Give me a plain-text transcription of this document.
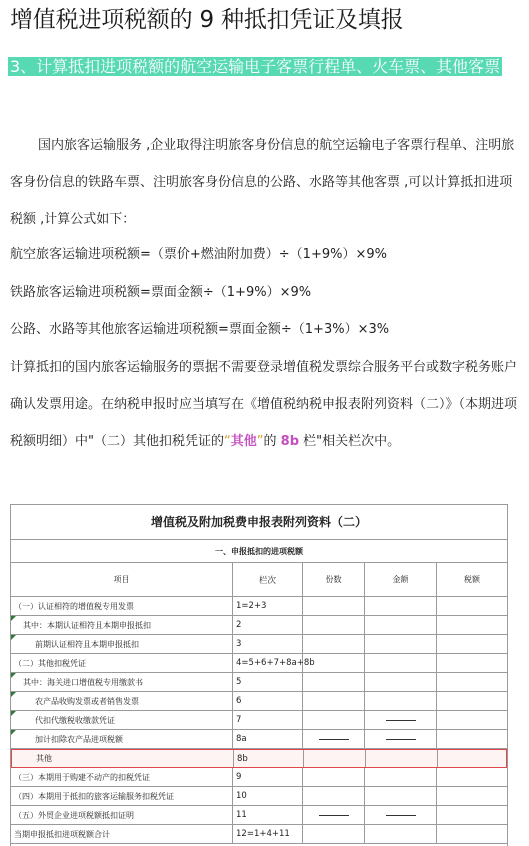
增值税进项税额的 9 种抵扣凭证及填报
3、计算抵扣进项税额的航空运输电子客票行程单、火车票、其他客票
国内旅客运输服务 ,企业取得注明旅客身份信息的航空运输电子客票行程单、注明旅客身份信息的铁路车票、注明旅客身份信息的公路、水路等其他客票 ,可以计算抵扣进项税额 ,计算公式如下：
航空旅客运输进项税额=（票价+燃油附加费）÷（1+9%）×9%
铁路旅客运输进项税额=票面金额÷（1+9%）×9%
公路、水路等其他旅客运输进项税额=票面金额÷（1+3%）×3%
计算抵扣的国内旅客运输服务的票据不需要登录增值税发票综合服务平台或数字税务账户确认发票用途。在纳税申报时应当填写在《增值税纳税申报表附列资料（二）》（本期进项税额明细）中"（二）其他扣税凭证的“其他”的 8b 栏"相关栏次中。
增值税及附加税费申报表附列资料（二）
一、申报抵扣的进项税额
项目	栏次	份数	金额	税额
（一）认证相符的增值税专用发票	1=2+3
其中：本期认证相符且本期申报抵扣	2
前期认证相符且本期申报抵扣	3
（二）其他扣税凭证	4=5+6+7+8a+8b
其中：海关进口增值税专用缴款书	5
农产品收购发票或者销售发票	6
代扣代缴税收缴款凭证	7
加计扣除农产品进项税额	8a
其他	8b
（三）本期用于购建不动产的扣税凭证	9
（四）本期用于抵扣的旅客运输服务扣税凭证	10
（五）外贸企业进项税额抵扣证明	11
当期申报抵扣进项税额合计	12=1+4+11
